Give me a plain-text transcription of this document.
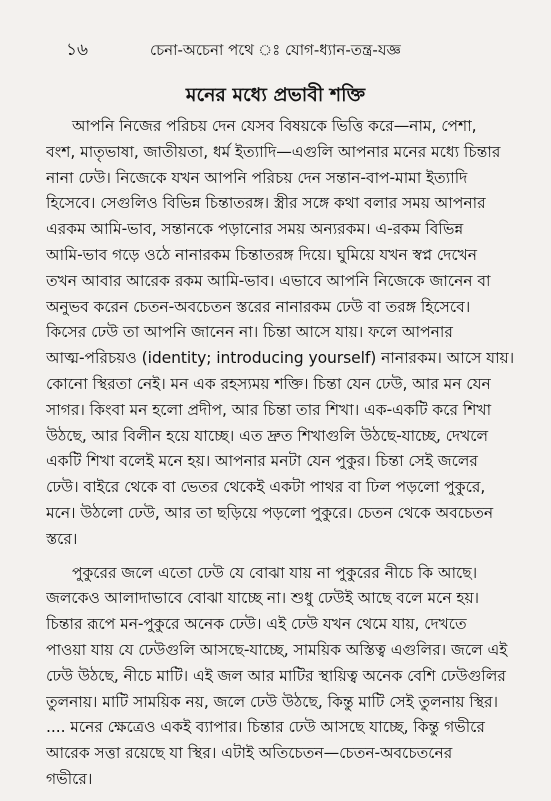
১৬	চেনা-অচেনা পথে ঃ যোগ-ধ্যান-তন্ত্র-যজ্ঞ
মনের মধ্যে প্রভাবী শক্তি

আপনি নিজের পরিচয় দেন যেসব বিষয়কে ভিত্তি করে—নাম, পেশা,
বংশ, মাতৃভাষা, জাতীয়তা, ধর্ম ইত্যাদি—এগুলি আপনার মনের মধ্যে চিন্তার
নানা ঢেউ। নিজেকে যখন আপনি পরিচয় দেন সন্তান-বাপ-মামা ইত্যাদি
হিসেবে। সেগুলিও বিভিন্ন চিন্তাতরঙ্গ। স্ত্রীর সঙ্গে কথা বলার সময় আপনার
এরকম আমি-ভাব, সন্তানকে পড়ানোর সময় অন্যরকম। এ-রকম বিভিন্ন
আমি-ভাব গড়ে ওঠে নানারকম চিন্তাতরঙ্গ দিয়ে। ঘুমিয়ে যখন স্বপ্ন দেখেন
তখন আবার আরেক রকম আমি-ভাব। এভাবে আপনি নিজেকে জানেন বা
অনুভব করেন চেতন-অবচেতন স্তরের নানারকম ঢেউ বা তরঙ্গ হিসেবে।
কিসের ঢেউ তা আপনি জানেন না। চিন্তা আসে যায়। ফলে আপনার
আত্ম-পরিচয়ও (identity; introducing yourself) নানারকম। আসে যায়।
কোনো স্থিরতা নেই। মন এক রহস্যময় শক্তি। চিন্তা যেন ঢেউ, আর মন যেন
সাগর। কিংবা মন হলো প্রদীপ, আর চিন্তা তার শিখা। এক-একটি করে শিখা
উঠছে, আর বিলীন হয়ে যাচ্ছে। এত দ্রুত শিখাগুলি উঠছে-যাচ্ছে, দেখলে
একটি শিখা বলেই মনে হয়। আপনার মনটা যেন পুকুর। চিন্তা সেই জলের
ঢেউ। বাইরে থেকে বা ভেতর থেকেই একটা পাথর বা ঢিল পড়লো পুকুরে,
মনে। উঠলো ঢেউ, আর তা ছড়িয়ে পড়লো পুকুরে। চেতন থেকে অবচেতন
স্তরে।

পুকুরের জলে এতো ঢেউ যে বোঝা যায় না পুকুরের নীচে কি আছে।
জলকেও আলাদাভাবে বোঝা যাচ্ছে না। শুধু ঢেউই আছে বলে মনে হয়।
চিন্তার রূপে মন-পুকুরে অনেক ঢেউ। এই ঢেউ যখন থেমে যায়, দেখতে
পাওয়া যায় যে ঢেউগুলি আসছে-যাচ্ছে, সাময়িক অস্তিত্ব এগুলির। জলে এই
ঢেউ উঠছে, নীচে মাটি। এই জল আর মাটির স্থায়িত্ব অনেক বেশি ঢেউগুলির
তুলনায়। মাটি সাময়িক নয়, জলে ঢেউ উঠছে, কিন্তু মাটি সেই তুলনায় স্থির।
.... মনের ক্ষেত্রেও একই ব্যাপার। চিন্তার ঢেউ আসছে যাচ্ছে, কিন্তু গভীরে
আরেক সত্তা রয়েছে যা স্থির। এটাই অতিচেতন—চেতন-অবচেতনের
গভীরে।
